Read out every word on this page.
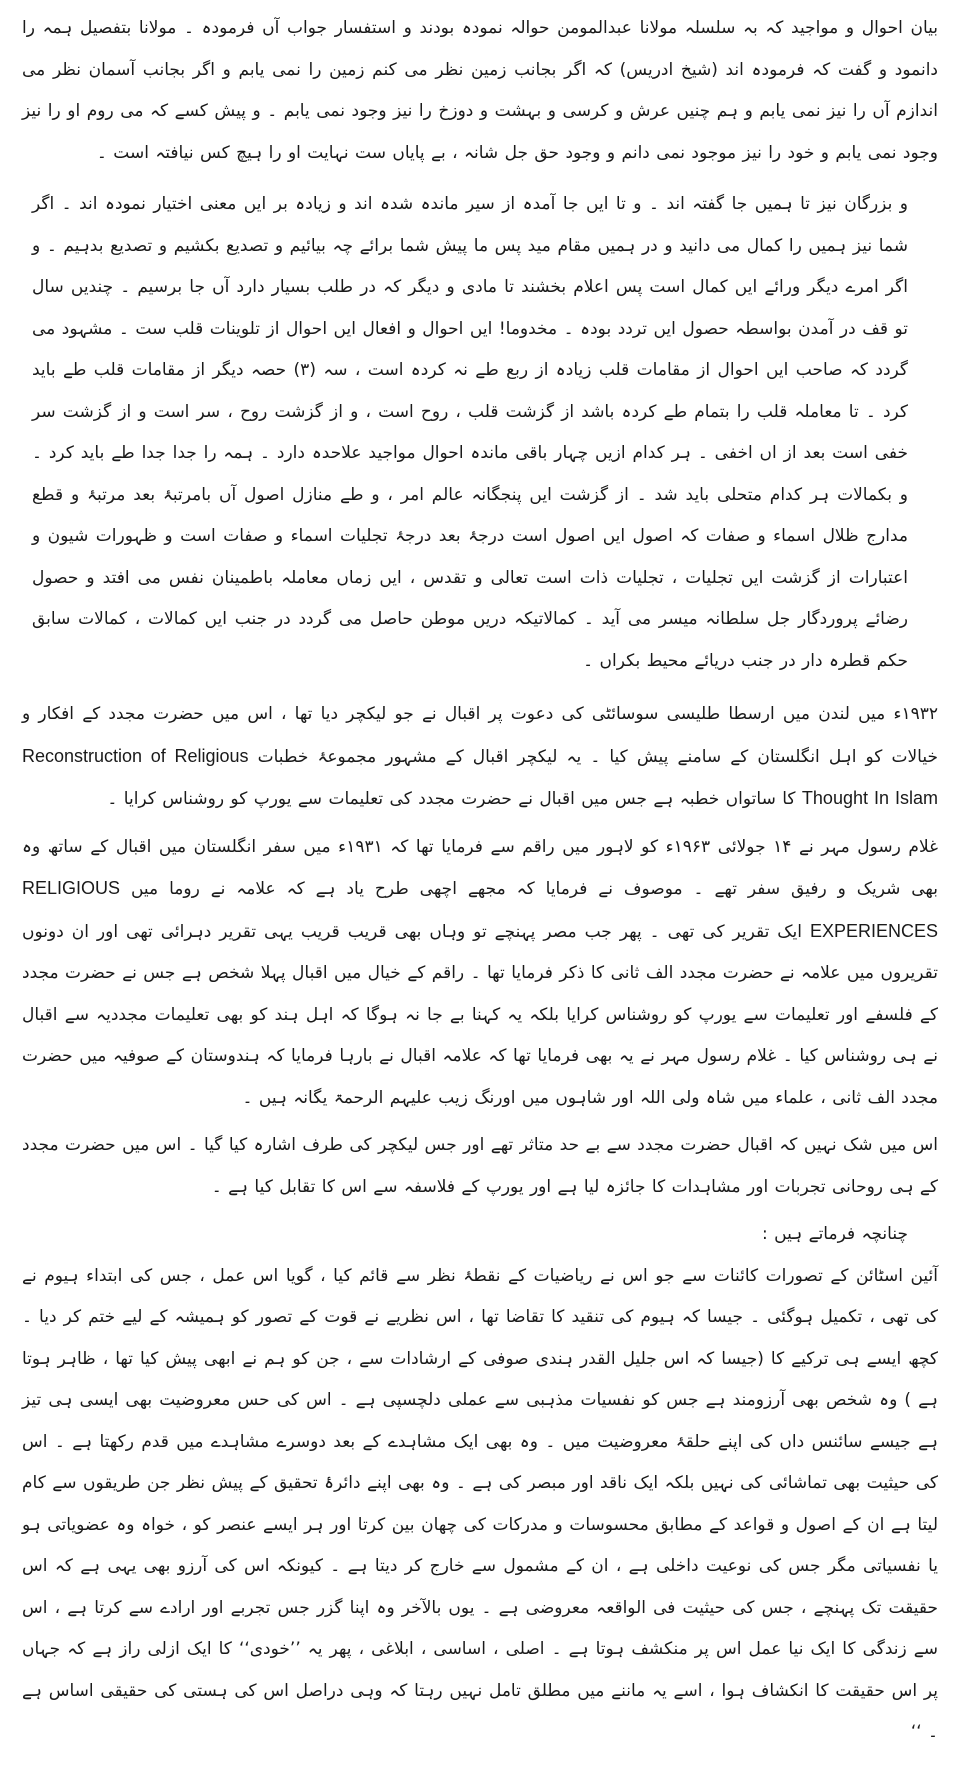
بیان احوال و مواجید کہ بہ سلسلہ مولانا عبدالمومن حوالہ نمودہ بودند و استفسار جواب آں فرمودہ ۔ مولانا بتفصیل ہمہ را دانمود و گفت کہ فرمودہ اند (شیخ ادریس) کہ اگر بجانب زمین نظر می کنم زمین را نمی یابم و اگر بجانب آسمان نظر می اندازم آں را نیز نمی یابم و ہم چنیں عرش و کرسی و بہشت و دوزخ را نیز وجود نمی یابم ۔ و پیش کسے کہ می روم او را نیز وجود نمی یابم و خود را نیز موجود نمی دانم و وجود حق جل شانہ ، بے پایاں ست نہایت او را ہیچ کس نیافتہ است ۔

و بزرگان نیز تا ہمیں جا گفتہ اند ۔ و تا ایں جا آمدہ از سیر ماندہ شدہ اند و زیادہ بر ایں معنی اختیار نمودہ اند ۔ اگر شما نیز ہمیں را کمال می دانید و در ہمیں مقام مید پس ما پیش شما برائے چہ بیائیم و تصدیع بکشیم و تصدیع بدہیم ۔ و اگر امرے دیگر ورائے ایں کمال است پس اعلام بخشند تا مادی و دیگر کہ در طلب بسیار دارد آں جا برسیم ۔ چندیں سال تو قف در آمدن بواسطہ حصول ایں تردد بودہ ۔ مخدوما! ایں احوال و افعال ایں احوال از تلوینات قلب ست ۔ مشہود می گردد کہ صاحب ایں احوال از مقامات قلب زیادہ از ربع طے نہ کردہ است ، سہ (۳) حصہ دیگر از مقامات قلب طے باید کرد ۔ تا معاملہ قلب را بتمام طے کردہ باشد از گزشت قلب ، روح است ، و از گزشت روح ، سر است و از گزشت سر خفی است بعد از اں اخفی ۔ ہر کدام ازیں چہار باقی ماندہ احوال مواجید علاحدہ دارد ۔ ہمہ را جدا جدا طے باید کرد ۔ و بکمالات ہر کدام متحلی باید شد ۔ از گزشت ایں پنجگانہ عالم امر ، و طے منازل اصول آں بامرتبۂ بعد مرتبۂ و قطع مدارج ظلال اسماء و صفات کہ اصول ایں اصول است درجۂ بعد درجۂ تجلیات اسماء و صفات است و ظہورات شیون و اعتبارات از گزشت ایں تجلیات ، تجلیات ذات است تعالی و تقدس ، ایں زماں معاملہ باطمینان نفس می افتد و حصول رضائے پروردگار جل سلطانہ میسر می آید ۔ کمالاتیکہ دریں موطن حاصل می گردد در جنب ایں کمالات ، کمالات سابق حکم قطرہ دار در جنب دریائے محیط بکراں ۔

۱۹۳۲ء میں لندن میں ارسطا طلیسی سوسائٹی کی دعوت پر اقبال نے جو لیکچر دیا تھا ، اس میں حضرت مجدد کے افکار و خیالات کو اہل انگلستان کے سامنے پیش کیا ۔ یہ لیکچر اقبال کے مشہور مجموعۂ خطبات Reconstruction of Religious Thought In Islam کا ساتواں خطبہ ہے جس میں اقبال نے حضرت مجدد کی تعلیمات سے یورپ کو روشناس کرایا ۔

غلام رسول مہر نے ۱۴ جولائی ۱۹۶۳ء کو لاہور میں راقم سے فرمایا تھا کہ ۱۹۳۱ء میں سفر انگلستان میں اقبال کے ساتھ وہ بھی شریک و رفیق سفر تھے ۔ موصوف نے فرمایا کہ مجھے اچھی طرح یاد ہے کہ علامہ نے روما میں RELIGIOUS EXPERIENCES ایک تقریر کی تھی ۔ پھر جب مصر پہنچے تو وہاں بھی قریب قریب یہی تقریر دہرائی تھی اور ان دونوں تقریروں میں علامہ نے حضرت مجدد الف ثانی کا ذکر فرمایا تھا ۔ راقم کے خیال میں اقبال پہلا شخص ہے جس نے حضرت مجدد کے فلسفے اور تعلیمات سے یورپ کو روشناس کرایا بلکہ یہ کہنا بے جا نہ ہوگا کہ اہل ہند کو بھی تعلیمات مجددیہ سے اقبال نے ہی روشناس کیا ۔ غلام رسول مہر نے یہ بھی فرمایا تھا کہ علامہ اقبال نے بارہا فرمایا کہ ہندوستان کے صوفیہ میں حضرت مجدد الف ثانی ، علماء میں شاہ ولی اللہ اور شاہوں میں اورنگ زیب علیہم الرحمۃ یگانہ ہیں ۔

اس میں شک نہیں کہ اقبال حضرت مجدد سے بے حد متاثر تھے اور جس لیکچر کی طرف اشارہ کیا گیا ۔ اس میں حضرت مجدد کے ہی روحانی تجربات اور مشاہدات کا جائزہ لیا ہے اور یورپ کے فلاسفہ سے اس کا تقابل کیا ہے ۔

چنانچہ فرماتے ہیں :

آئین اسٹائن کے تصورات کائنات سے جو اس نے ریاضیات کے نقطۂ نظر سے قائم کیا ، گویا اس عمل ، جس کی ابتداء ہیوم نے کی تھی ، تکمیل ہوگئی ۔ جیسا کہ ہیوم کی تنقید کا تقاضا تھا ، اس نظریے نے قوت کے تصور کو ہمیشہ کے لیے ختم کر دیا ۔ کچھ ایسے ہی ترکیے کا (جیسا کہ اس جلیل القدر ہندی صوفی کے ارشادات سے ، جن کو ہم نے ابھی پیش کیا تھا ، ظاہر ہوتا ہے ) وہ شخص بھی آرزومند ہے جس کو نفسیات مذہبی سے عملی دلچسپی ہے ۔ اس کی حس معروضیت بھی ایسی ہی تیز ہے جیسے سائنس داں کی اپنے حلقۂ معروضیت میں ۔ وہ بھی ایک مشاہدے کے بعد دوسرے مشاہدے میں قدم رکھتا ہے ۔ اس کی حیثیت بھی تماشائی کی نہیں بلکہ ایک ناقد اور مبصر کی ہے ۔ وہ بھی اپنے دائرۂ تحقیق کے پیش نظر جن طریقوں سے کام لیتا ہے ان کے اصول و قواعد کے مطابق محسوسات و مدرکات کی چھان بین کرتا اور ہر ایسے عنصر کو ، خواہ وہ عضویاتی ہو یا نفسیاتی مگر جس کی نوعیت داخلی ہے ، ان کے مشمول سے خارج کر دیتا ہے ۔ کیونکہ اس کی آرزو بھی یہی ہے کہ اس حقیقت تک پہنچے ، جس کی حیثیت فی الواقعہ معروضی ہے ۔ یوں بالآخر وہ اپنا گزر جس تجربے اور ارادے سے کرتا ہے ، اس سے زندگی کا ایک نیا عمل اس پر منکشف ہوتا ہے ۔ اصلی ، اساسی ، ابلاغی ، پھر یہ ’’خودی‘‘ کا ایک ازلی راز ہے کہ جہاں پر اس حقیقت کا انکشاف ہوا ، اسے یہ ماننے میں مطلق تامل نہیں رہتا کہ وہی دراصل اس کی ہستی کی حقیقی اساس ہے ۔ ‘‘
